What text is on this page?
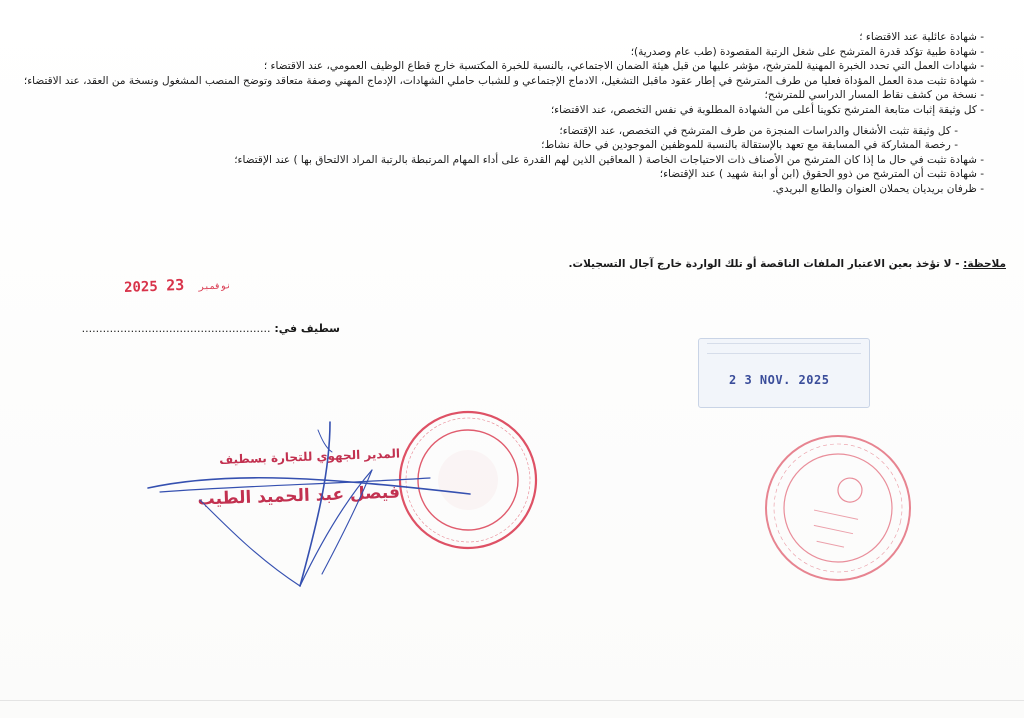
- شهادة عائلية عند الاقتضاء ؛
- شهادة طبية تؤكد قدرة المترشح على شغل الرتبة المقصودة (طب عام وصدرية)؛
- شهادات العمل التي تحدد الخبرة المهنية للمترشح، مؤشر عليها من قبل هيئة الضمان الاجتماعي، بالنسبة للخبرة المكتسبة خارج قطاع الوظيف العمومي، عند الاقتضاء ؛
- شهادة تثبت مدة العمل المؤداة فعليا من طرف المترشح في إطار عقود ماقبل التشغيل، الادماج الإجتماعي و للشباب حاملي الشهادات، الإدماج المهني وصفة متعاقد وتوضح المنصب المشغول ونسخة من العقد، عند الاقتضاء؛
- نسخة من كشف نقاط المسار الدراسي للمترشح؛
- كل وثيقة إثبات متابعة المترشح تكوينا أعلى من الشهادة المطلوبة في نفس التخصص، عند الاقتضاء؛
- كل وثيقة تثبت الأشغال والدراسات المنجزة من طرف المترشح في التخصص، عند الإقتضاء؛
- رخصة المشاركة في المسابقة مع تعهد بالإستقالة بالنسبة للموظفين الموجودين في حالة نشاط؛
- شهادة تثبت في حال ما إذا كان المترشح من الأصناف ذات الاحتياجات الخاصة ( المعاقين الذين لهم القدرة على أداء المهام المرتبطة بالرتبة المراد الالتحاق بها ) عند الإقتضاء؛
- شهادة تثبت أن المترشح من ذوو الحقوق (ابن أو ابنة شهيد ) عند الإقتضاء؛
- ظرفان بريديان يحملان العنوان والطابع البريدي.
ملاحظة: - لا تؤخذ بعين الاعتبار الملفات الناقصة أو تلك الواردة خارج آجال التسجيلات.
2025	نوفمبر 23
سطيف في: ......................................................
2 3 NOV. 2025
المدير الجهوي للتجارة بسطيف
فيصل عبد الحميد الطيب
